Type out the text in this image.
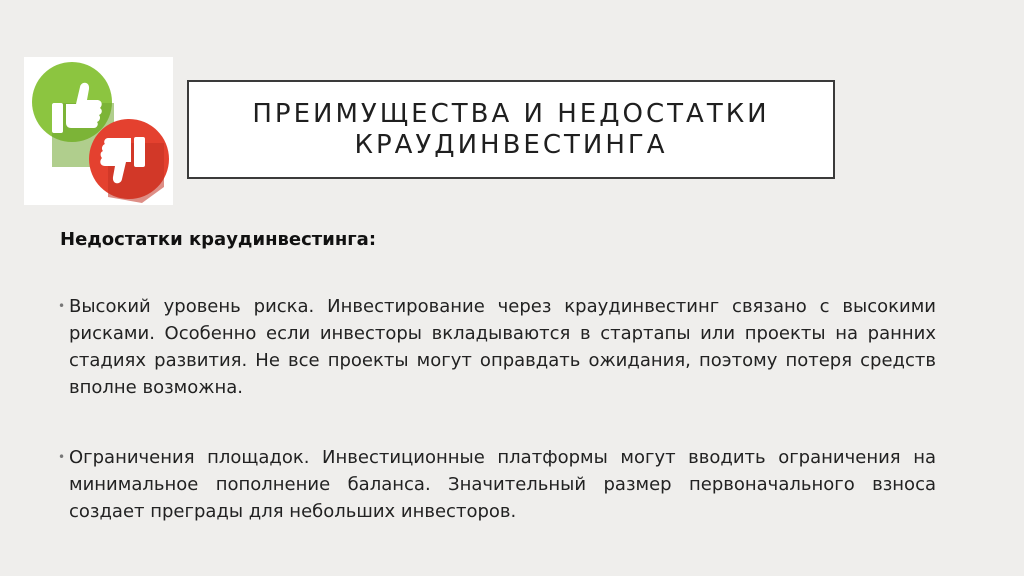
ПРЕИМУЩЕСТВА И НЕДОСТАТКИ
КРАУДИНВЕСТИНГА
Недостатки краудинвестинга:
• Высокий уровень риска. Инвестирование через краудинвестинг связано с высокими рисками. Особенно если инвесторы вкладываются в стартапы или проекты на ранних стадиях развития. Не все проекты могут оправдать ожидания, поэтому потеря средств вполне возможна.
• Ограничения площадок. Инвестиционные платформы могут вводить ограничения на минимальное пополнение баланса. Значительный размер первоначального взноса создает преграды для небольших инвесторов.
